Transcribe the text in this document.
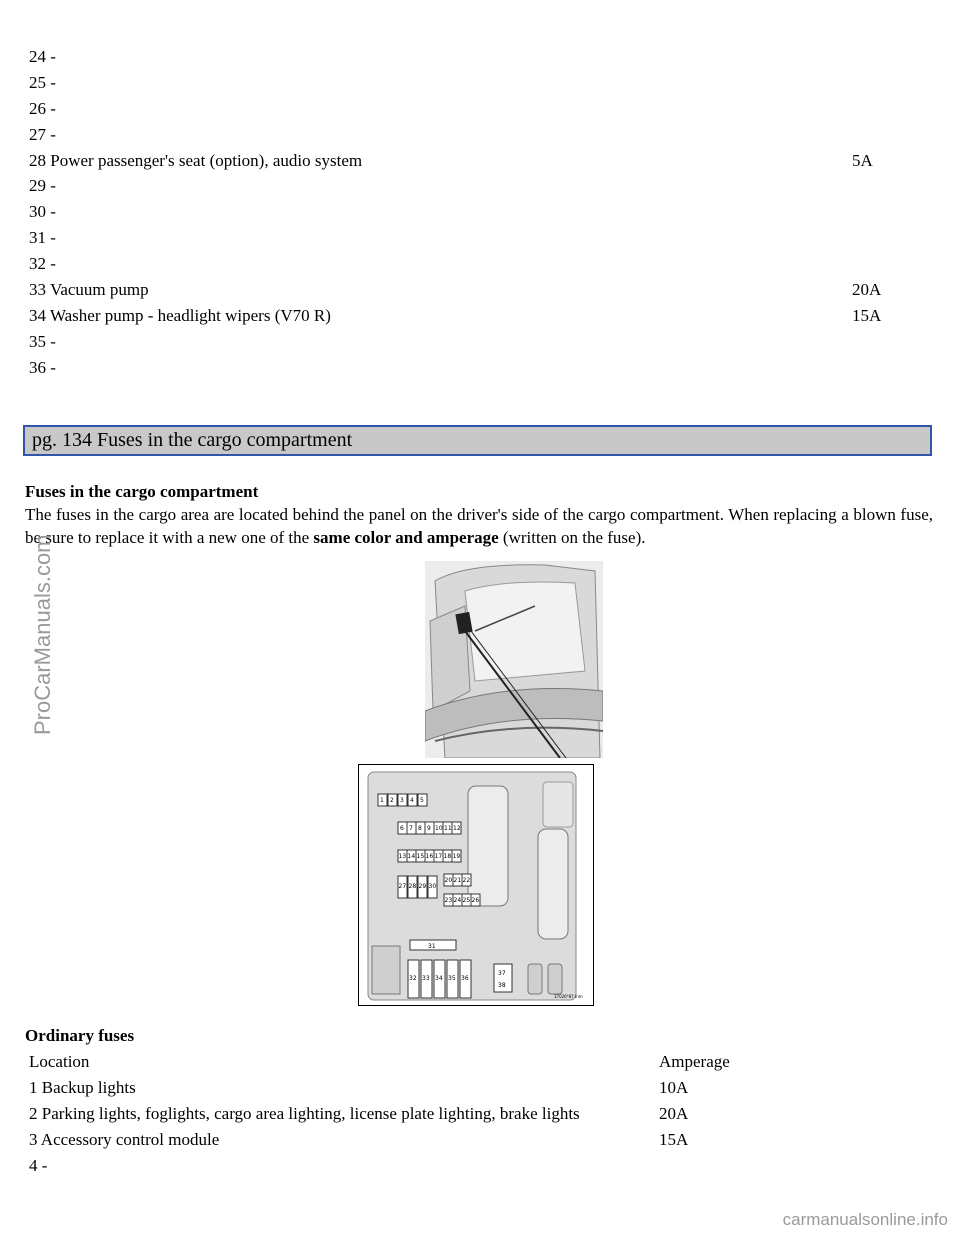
24 -
25 -
26 -
27 -
28 Power passenger's seat (option), audio system	5A
29 -
30 -
31 -
32 -
33 Vacuum pump	20A
34 Washer pump - headlight wipers (V70 R)	15A
35 -
36 -
pg. 134 Fuses in the cargo compartment
Fuses in the cargo compartment
The fuses in the cargo area are located behind the panel on the driver's side of the cargo compartment. When replacing a blown fuse, be sure to replace it with a new one of the same color and amperage (written on the fuse).
1 2 3 4 5
6 7 8 9 10 11 12
13 14 15 16 17 18 19
20 21 22
27 28 29 30
23 24 25 26
31
32 33 34 35 36
37
38
37026*87 lnm
Ordinary fuses
Location	Amperage
1 Backup lights	10A
2 Parking lights, foglights, cargo area lighting, license plate lighting, brake lights	20A
3 Accessory control module	15A
4 -
ProCarManuals.com
carmanualsonline.info
